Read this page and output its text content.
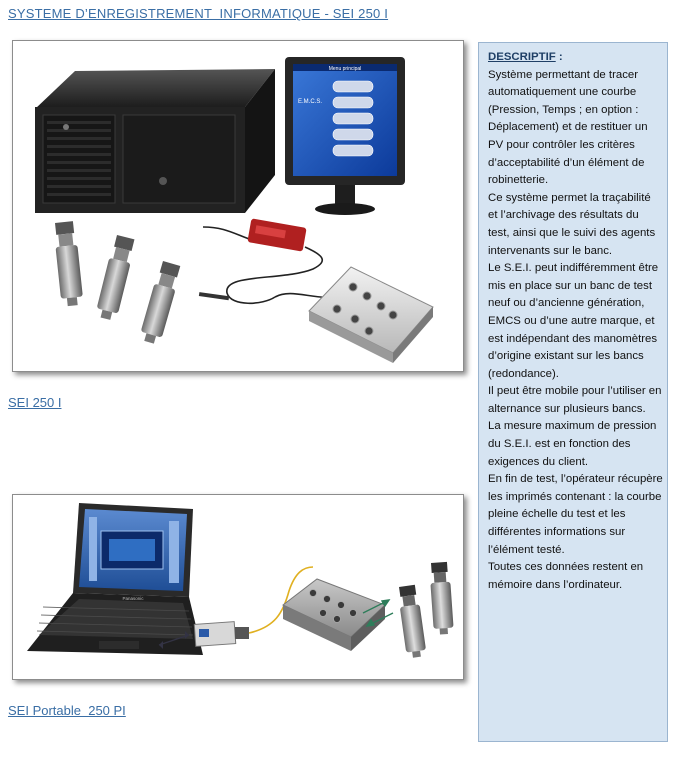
SYSTEME D’ENREGISTREMENT  INFORMATIQUE - SEI 250 I
Menu principal
E.M.C.S.
SEI 250 I
Panasonic
SEI Portable  250 PI
DESCRIPTIF :

Système permettant de tracer automatiquement une courbe (Pression, Temps ; en option : Déplacement) et de restituer un PV pour contrôler les critères d’acceptabilité d’un élément de robinetterie.

Ce système permet la traçabilité et l’archivage des résultats du test, ainsi que le suivi des agents intervenants sur le banc.

Le S.E.I. peut indifféremment être mis en place sur un banc de test neuf ou d’ancienne génération, EMCS ou d’une autre marque, et est indépendant des manomètres d’origine existant sur les bancs (redondance).

Il peut être mobile pour l’utiliser en alternance sur plusieurs bancs.

La mesure maximum de pression du S.E.I. est en fonction des exigences du client.

En fin de test, l’opérateur récupère les imprimés contenant : la courbe pleine échelle du test et les différentes informations sur l’élément testé.

Toutes ces données restent en mémoire dans l’ordinateur.
